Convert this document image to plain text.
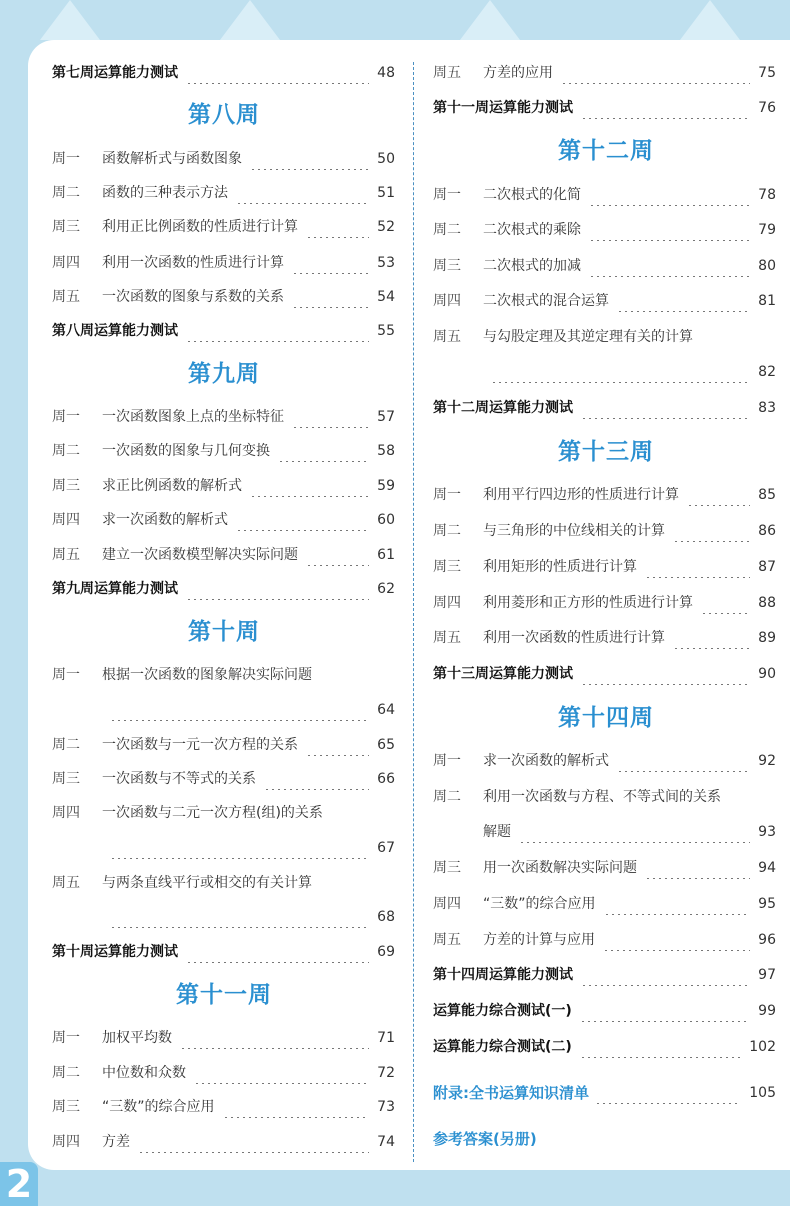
第七周运算能力测试	48
第八周
周一 函数解析式与函数图象	50
周二 函数的三种表示方法	51
周三 利用正比例函数的性质进行计算	52
周四 利用一次函数的性质进行计算	53
周五 一次函数的图象与系数的关系	54
第八周运算能力测试	55
第九周
周一 一次函数图象上点的坐标特征	57
周二 一次函数的图象与几何变换	58
周三 求正比例函数的解析式	59
周四 求一次函数的解析式	60
周五 建立一次函数模型解决实际问题	61
第九周运算能力测试	62
第十周
周一 根据一次函数的图象解决实际问题
64
周二 一次函数与一元一次方程的关系	65
周三 一次函数与不等式的关系	66
周四 一次函数与二元一次方程(组)的关系
67
周五 与两条直线平行或相交的有关计算
68
第十周运算能力测试	69
第十一周
周一 加权平均数	71
周二 中位数和众数	72
周三 “三数”的综合应用	73
周四 方差	74
周五 方差的应用	75
第十一周运算能力测试	76
第十二周
周一 二次根式的化简	78
周二 二次根式的乘除	79
周三 二次根式的加减	80
周四 二次根式的混合运算	81
周五 与勾股定理及其逆定理有关的计算
82
第十二周运算能力测试	83
第十三周
周一 利用平行四边形的性质进行计算	85
周二 与三角形的中位线相关的计算	86
周三 利用矩形的性质进行计算	87
周四 利用菱形和正方形的性质进行计算	88
周五 利用一次函数的性质进行计算	89
第十三周运算能力测试	90
第十四周
周一 求一次函数的解析式	92
周二 利用一次函数与方程、不等式间的关系
解题	93
周三 用一次函数解决实际问题	94
周四 “三数”的综合应用	95
周五 方差的计算与应用	96
第十四周运算能力测试	97
运算能力综合测试(一)	99
运算能力综合测试(二)	102
附录:全书运算知识清单	105
参考答案(另册)
2
